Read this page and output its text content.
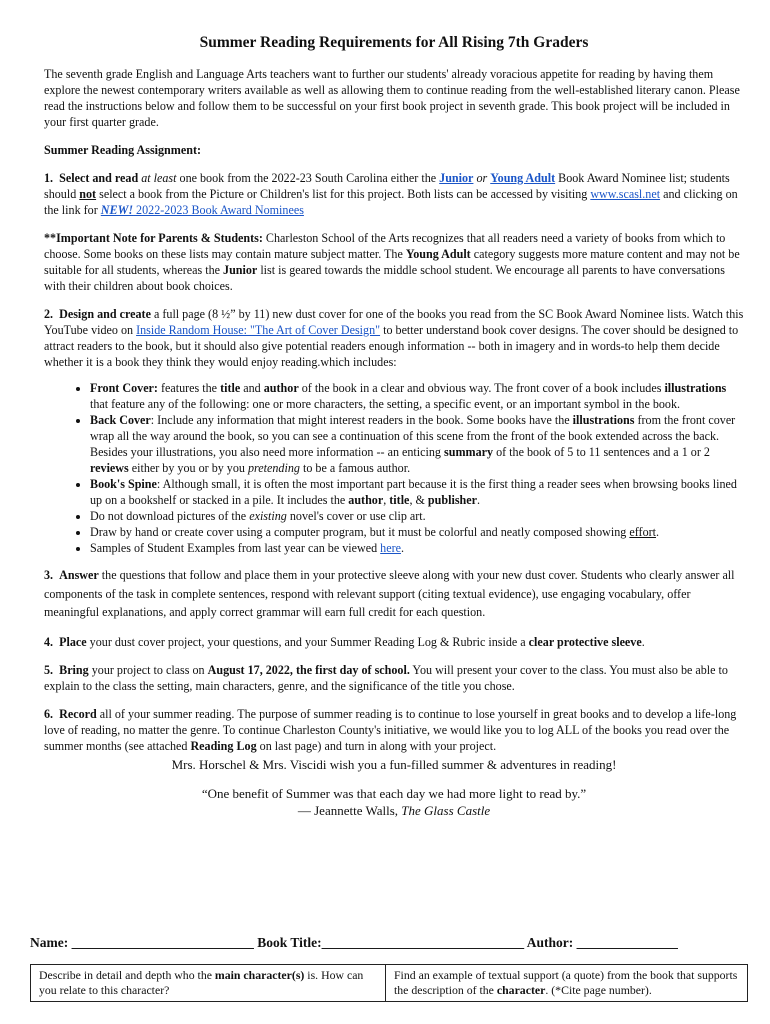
Summer Reading Requirements for All Rising 7th Graders

The seventh grade English and Language Arts teachers want to further our students' already voracious appetite for reading by having them explore the newest contemporary writers available as well as allowing them to continue reading from the well-established literary canon. Please read the instructions below and follow them to be successful on your first book project in seventh grade. This book project will be included in your first quarter grade.

Summer Reading Assignment:

1. Select and read at least one book from the 2022-23 South Carolina either the Junior or Young Adult Book Award Nominee list; students should not select a book from the Picture or Children's list for this project. Both lists can be accessed by visiting www.scasl.net and clicking on the link for NEW! 2022-2023 Book Award Nominees

**Important Note for Parents & Students: Charleston School of the Arts recognizes that all readers need a variety of books from which to choose. Some books on these lists may contain mature subject matter. The Young Adult category suggests more mature content and may not be suitable for all students, whereas the Junior list is geared towards the middle school student. We encourage all parents to have conversations with their children about book choices.

2. Design and create a full page (8 ½” by 11) new dust cover for one of the books you read from the SC Book Award Nominee lists. Watch this YouTube video on Inside Random House: "The Art of Cover Design" to better understand book cover designs. The cover should be designed to attract readers to the book, but it should also give potential readers enough information -- both in imagery and in words-to help them decide whether it is a book they think they would enjoy reading.which includes:

• Front Cover: features the title and author of the book in a clear and obvious way. The front cover of a book includes illustrations that feature any of the following: one or more characters, the setting, a specific event, or an important symbol in the book.
• Back Cover: Include any information that might interest readers in the book. Some books have the illustrations from the front cover wrap all the way around the book, so you can see a continuation of this scene from the front of the book extended across the back. Besides your illustrations, you also need more information -- an enticing summary of the book of 5 to 11 sentences and a 1 or 2 reviews either by you or by you pretending to be a famous author.
• Book's Spine: Although small, it is often the most important part because it is the first thing a reader sees when browsing books lined up on a bookshelf or stacked in a pile. It includes the author, title, & publisher.
• Do not download pictures of the existing novel's cover or use clip art.
• Draw by hand or create cover using a computer program, but it must be colorful and neatly composed showing effort.
• Samples of Student Examples from last year can be viewed here.

3. Answer the questions that follow and place them in your protective sleeve along with your new dust cover. Students who clearly answer all components of the task in complete sentences, respond with relevant support (citing textual evidence), use engaging vocabulary, offer meaningful explanations, and apply correct grammar will earn full credit for each question.

4. Place your dust cover project, your questions, and your Summer Reading Log & Rubric inside a clear protective sleeve.

5. Bring your project to class on August 17, 2022, the first day of school. You will present your cover to the class. You must also be able to explain to the class the setting, main characters, genre, and the significance of the title you chose.

6. Record all of your summer reading. The purpose of summer reading is to continue to lose yourself in great books and to develop a life-long love of reading, no matter the genre. To continue Charleston County's initiative, we would like you to log ALL of the books you read over the summer months (see attached Reading Log on last page) and turn in along with your project.

Mrs. Horschel & Mrs. Viscidi wish you a fun-filled summer & adventures in reading!

“One benefit of Summer was that each day we had more light to read by.”

— Jeannette Walls, The Glass Castle

Name: ___________________________ Book Title:______________________________ Author: _______________
Describe in detail and depth who the main character(s) is. How can you relate to this character?	Find an example of textual support (a quote) from the book that supports the description of the character. (*Cite page number).
